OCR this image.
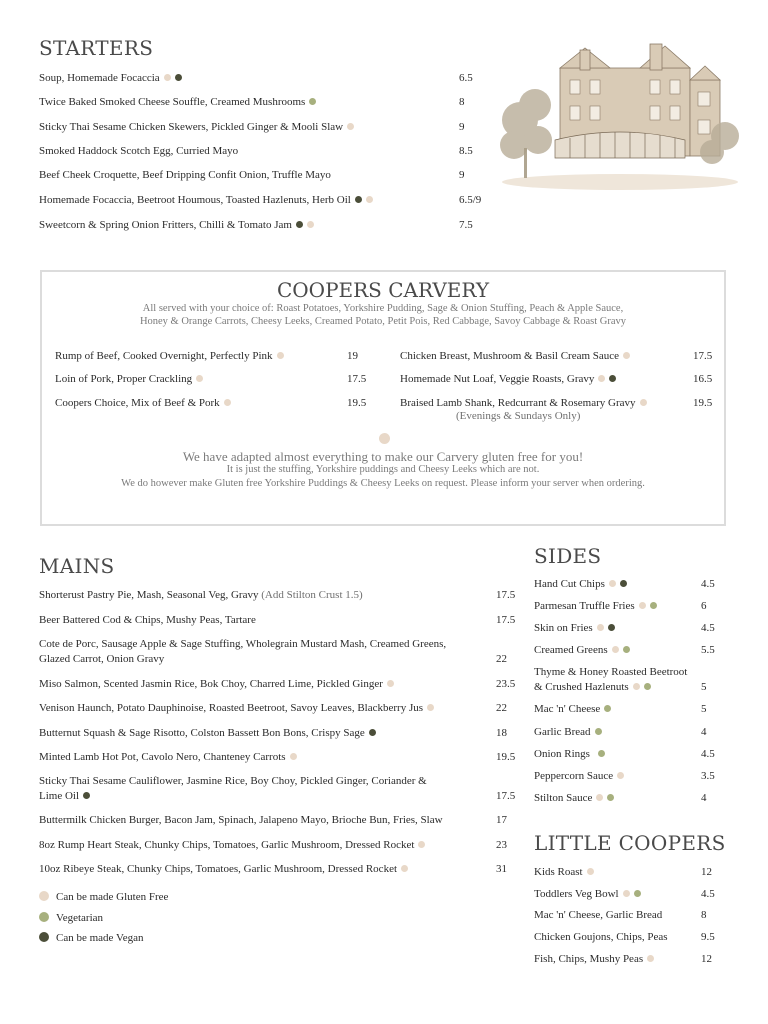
STARTERS
Soup, Homemade Focaccia	6.5
Twice Baked Smoked Cheese Souffle, Creamed Mushrooms	8
Sticky Thai Sesame Chicken Skewers, Pickled Ginger & Mooli Slaw	9
Smoked Haddock Scotch Egg, Curried Mayo	8.5
Beef Cheek Croquette, Beef Dripping Confit Onion, Truffle Mayo	9
Homemade Focaccia, Beetroot Houmous, Toasted Hazlenuts, Herb Oil	6.5/9
Sweetcorn & Spring Onion Fritters, Chilli & Tomato Jam	7.5
COOPERS CARVERY
All served with your choice of: Roast Potatoes, Yorkshire Pudding, Sage & Onion Stuffing, Peach & Apple Sauce,
Honey & Orange Carrots, Cheesy Leeks, Creamed Potato, Petit Pois, Red Cabbage, Savoy Cabbage & Roast Gravy
Rump of Beef, Cooked Overnight, Perfectly Pink	19
Loin of Pork, Proper Crackling	17.5
Coopers Choice, Mix of Beef & Pork	19.5
Chicken Breast, Mushroom & Basil Cream Sauce	17.5
Homemade Nut Loaf, Veggie Roasts, Gravy	16.5
Braised Lamb Shank, Redcurrant & Rosemary Gravy	19.5
(Evenings & Sundays Only)
We have adapted almost everything to make our Carvery gluten free for you!
It is just the stuffing, Yorkshire puddings and Cheesy Leeks which are not.
We do however make Gluten free Yorkshire Puddings & Cheesy Leeks on request. Please inform your server when ordering.
MAINS
Shorterust Pastry Pie, Mash, Seasonal Veg, Gravy (Add Stilton Crust 1.5)	17.5
Beer Battered Cod & Chips, Mushy Peas, Tartare	17.5
Cote de Porc, Sausage Apple & Sage Stuffing, Wholegrain Mustard Mash, Creamed Greens,
Glazed Carrot, Onion Gravy	22
Miso Salmon, Scented Jasmin Rice, Bok Choy, Charred Lime, Pickled Ginger	23.5
Venison Haunch, Potato Dauphinoise, Roasted Beetroot, Savoy Leaves, Blackberry Jus	22
Butternut Squash & Sage Risotto, Colston Bassett Bon Bons, Crispy Sage	18
Minted Lamb Hot Pot, Cavolo Nero, Chanteney Carrots	19.5
Sticky Thai Sesame Cauliflower, Jasmine Rice, Boy Choy, Pickled Ginger, Coriander &
Lime Oil	17.5
Buttermilk Chicken Burger, Bacon Jam, Spinach, Jalapeno Mayo, Brioche Bun, Fries, Slaw	17
8oz Rump Heart Steak, Chunky Chips, Tomatoes, Garlic Mushroom, Dressed Rocket	23
10oz Ribeye Steak, Chunky Chips, Tomatoes, Garlic Mushroom, Dressed Rocket	31
Can be made Gluten Free
Vegetarian
Can be made Vegan
SIDES
Hand Cut Chips	4.5
Parmesan Truffle Fries	6
Skin on Fries	4.5
Creamed Greens	5.5
Thyme & Honey Roasted Beetroot
& Crushed Hazlenuts	5
Mac 'n' Cheese	5
Garlic Bread	4
Onion Rings	4.5
Peppercorn Sauce	3.5
Stilton Sauce	4
LITTLE COOPERS
Kids Roast	12
Toddlers Veg Bowl	4.5
Mac 'n' Cheese, Garlic Bread	8
Chicken Goujons, Chips, Peas	9.5
Fish, Chips, Mushy Peas	12
